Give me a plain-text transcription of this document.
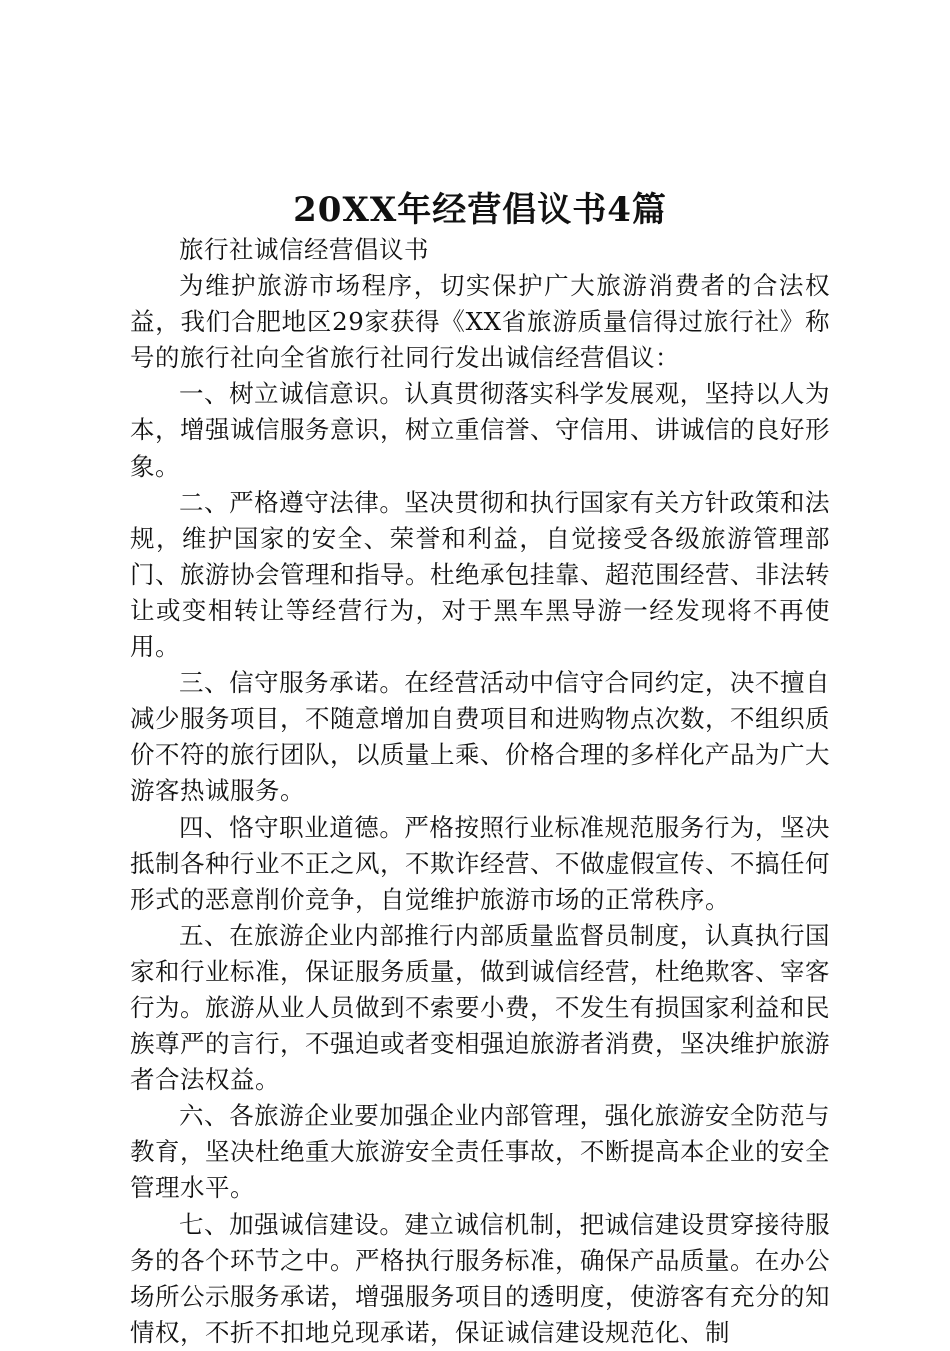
20XX年经营倡议书4篇

旅行社诚信经营倡议书

为维护旅游市场程序，切实保护广大旅游消费者的合法权益，我们合肥地区29家获得《XX省旅游质量信得过旅行社》称号的旅行社向全省旅行社同行发出诚信经营倡议：

一、树立诚信意识。认真贯彻落实科学发展观，坚持以人为本，增强诚信服务意识，树立重信誉、守信用、讲诚信的良好形象。

二、严格遵守法律。坚决贯彻和执行国家有关方针政策和法规，维护国家的安全、荣誉和利益，自觉接受各级旅游管理部门、旅游协会管理和指导。杜绝承包挂靠、超范围经营、非法转让或变相转让等经营行为，对于黑车黑导游一经发现将不再使用。

三、信守服务承诺。在经营活动中信守合同约定，决不擅自减少服务项目，不随意增加自费项目和进购物点次数，不组织质价不符的旅行团队，以质量上乘、价格合理的多样化产品为广大游客热诚服务。

四、恪守职业道德。严格按照行业标准规范服务行为，坚决抵制各种行业不正之风，不欺诈经营、不做虚假宣传、不搞任何形式的恶意削价竞争，自觉维护旅游市场的正常秩序。

五、在旅游企业内部推行内部质量监督员制度，认真执行国家和行业标准，保证服务质量，做到诚信经营，杜绝欺客、宰客行为。旅游从业人员做到不索要小费，不发生有损国家利益和民族尊严的言行，不强迫或者变相强迫旅游者消费，坚决维护旅游者合法权益。

六、各旅游企业要加强企业内部管理，强化旅游安全防范与教育，坚决杜绝重大旅游安全责任事故，不断提高本企业的安全管理水平。

七、加强诚信建设。建立诚信机制，把诚信建设贯穿接待服务的各个环节之中。严格执行服务标准，确保产品质量。在办公场所公示服务承诺，增强服务项目的透明度，使游客有充分的知情权，不折不扣地兑现承诺，保证诚信建设规范化、制
